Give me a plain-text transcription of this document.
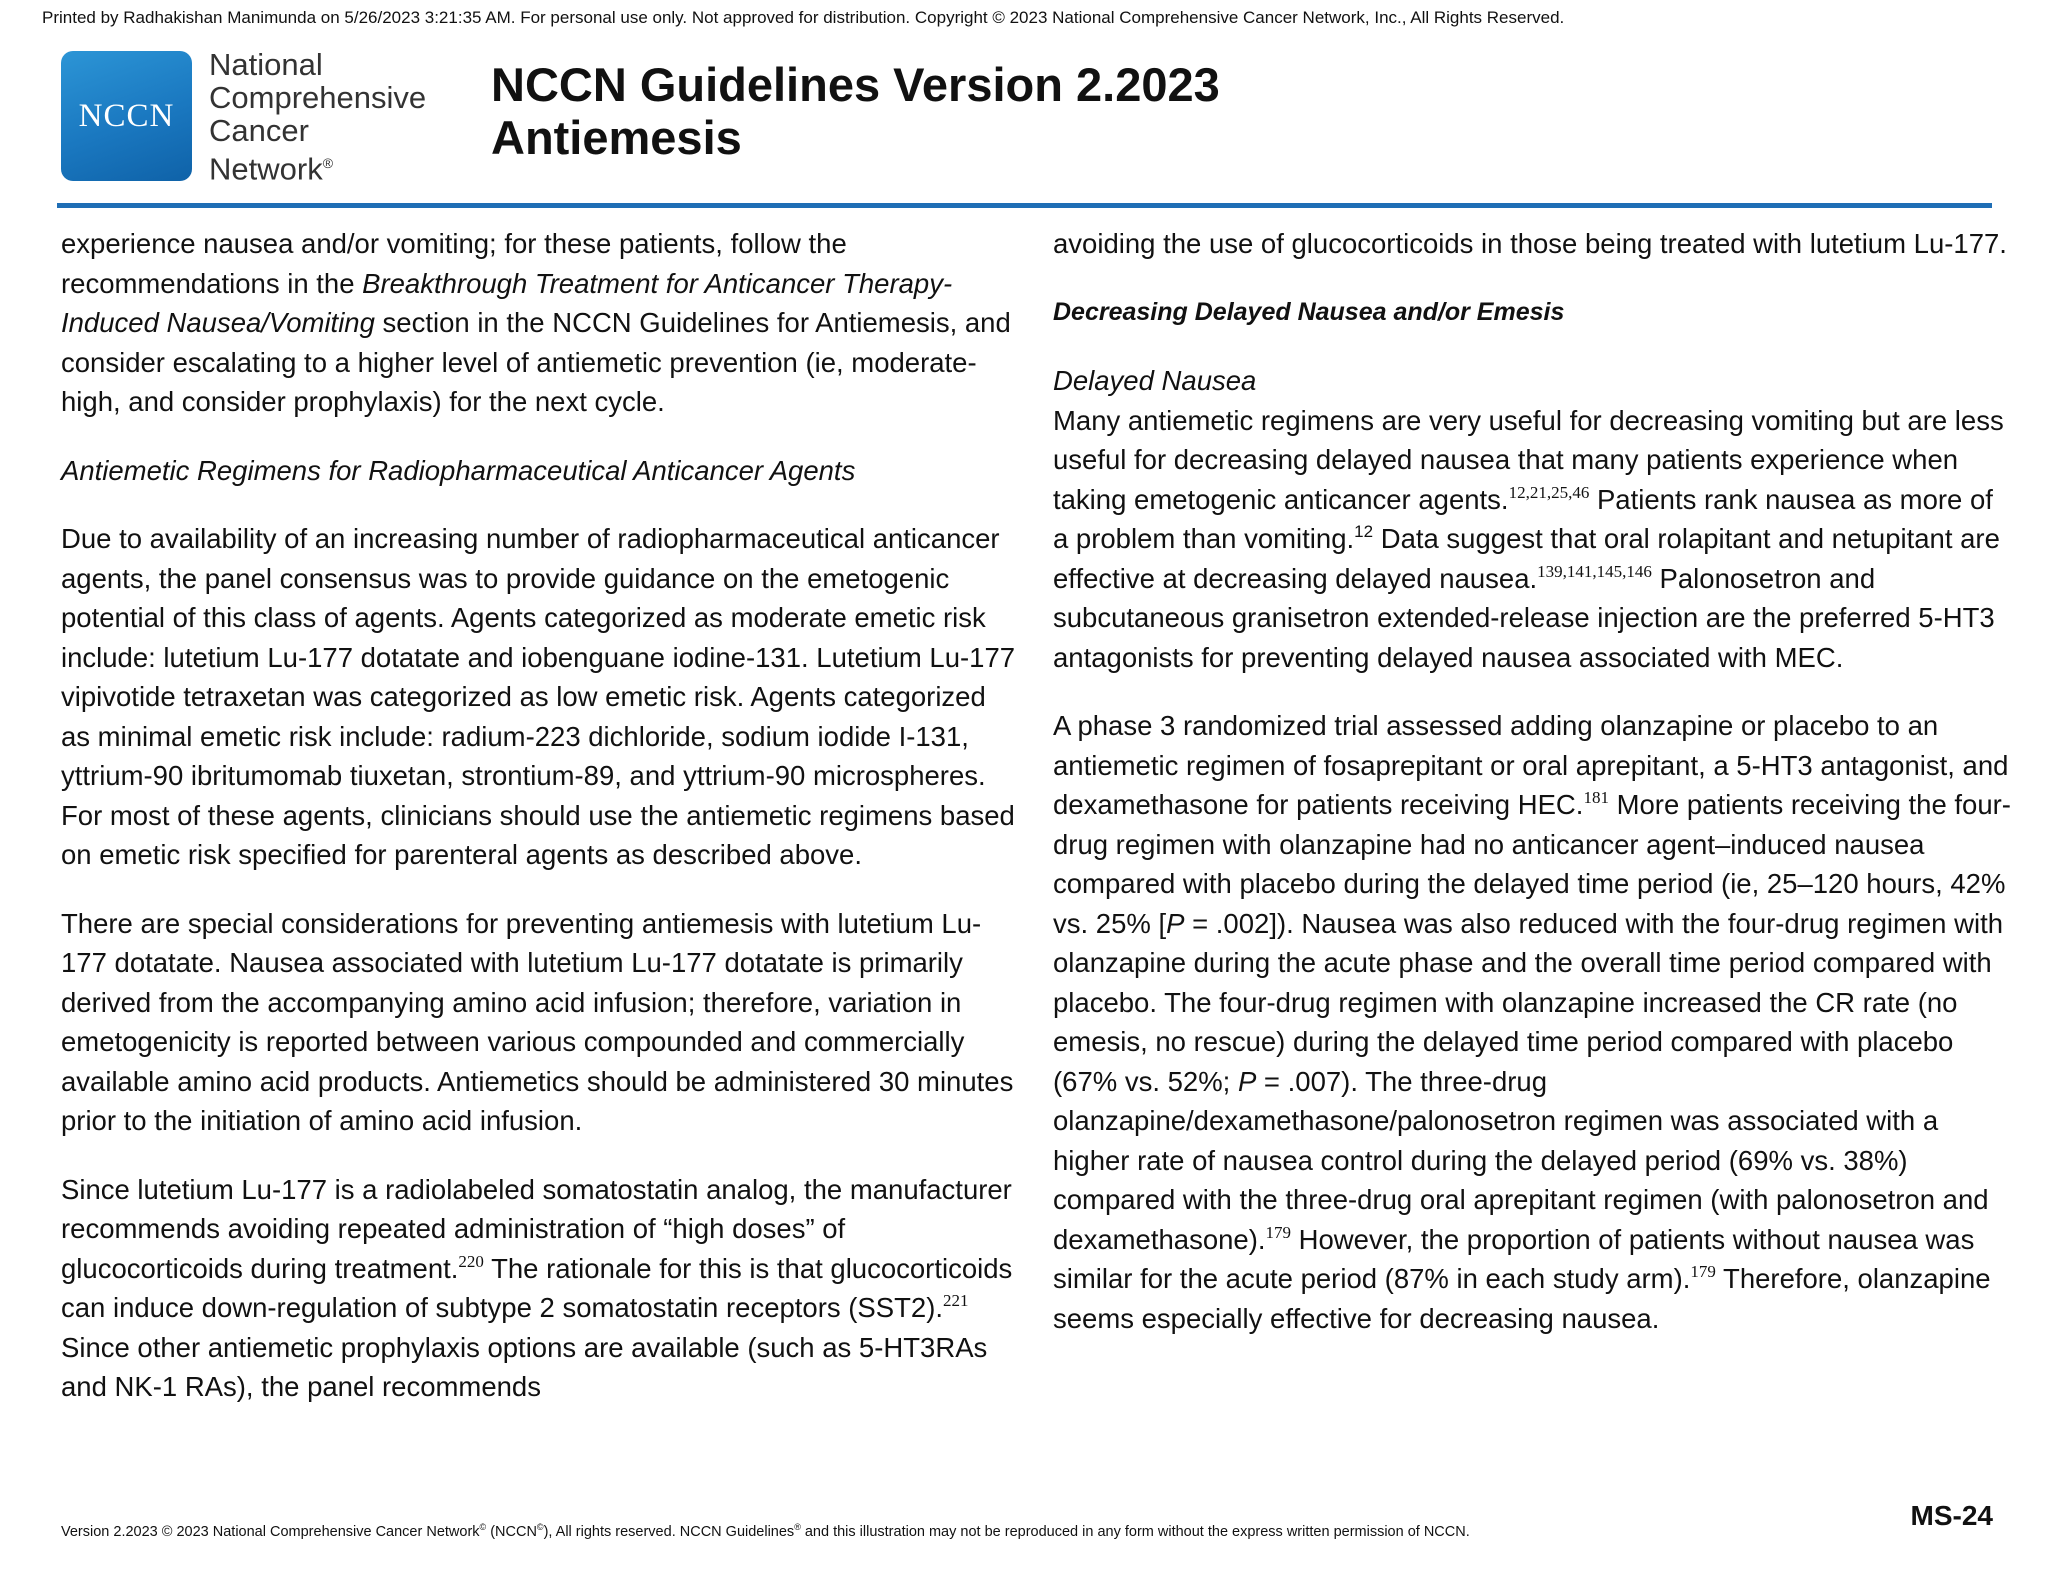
Printed by Radhakishan Manimunda on 5/26/2023 3:21:35 AM. For personal use only. Not approved for distribution. Copyright © 2023 National Comprehensive Cancer Network, Inc., All Rights Reserved.
NCCN
National
Comprehensive
Cancer
Network®
NCCN Guidelines Version 2.2023
Antiemesis

experience nausea and/or vomiting; for these patients, follow the recommendations in the Breakthrough Treatment for Anticancer Therapy-Induced Nausea/Vomiting section in the NCCN Guidelines for Antiemesis, and consider escalating to a higher level of antiemetic prevention (ie, moderate-high, and consider prophylaxis) for the next cycle.

Antiemetic Regimens for Radiopharmaceutical Anticancer Agents

Due to availability of an increasing number of radiopharmaceutical anticancer agents, the panel consensus was to provide guidance on the emetogenic potential of this class of agents. Agents categorized as moderate emetic risk include: lutetium Lu-177 dotatate and iobenguane iodine-131. Lutetium Lu-177 vipivotide tetraxetan was categorized as low emetic risk. Agents categorized as minimal emetic risk include: radium-223 dichloride, sodium iodide I-131, yttrium-90 ibritumomab tiuxetan, strontium-89, and yttrium-90 microspheres. For most of these agents, clinicians should use the antiemetic regimens based on emetic risk specified for parenteral agents as described above.

There are special considerations for preventing antiemesis with lutetium Lu-177 dotatate. Nausea associated with lutetium Lu-177 dotatate is primarily derived from the accompanying amino acid infusion; therefore, variation in emetogenicity is reported between various compounded and commercially available amino acid products. Antiemetics should be administered 30 minutes prior to the initiation of amino acid infusion.

Since lutetium Lu-177 is a radiolabeled somatostatin analog, the manufacturer recommends avoiding repeated administration of “high doses” of glucocorticoids during treatment.$^{220}$ The rationale for this is that glucocorticoids can induce down-regulation of subtype 2 somatostatin receptors (SST2).$^{221}$ Since other antiemetic prophylaxis options are available (such as 5-HT3RAs and NK-1 RAs), the panel recommends

avoiding the use of glucocorticoids in those being treated with lutetium Lu-177.

Decreasing Delayed Nausea and/or Emesis

Delayed Nausea
Many antiemetic regimens are very useful for decreasing vomiting but are less useful for decreasing delayed nausea that many patients experience when taking emetogenic anticancer agents.$^{12,21,25,46}$ Patients rank nausea as more of a problem than vomiting.$^{12}$ Data suggest that oral rolapitant and netupitant are effective at decreasing delayed nausea.$^{139,141,145,146}$ Palonosetron and subcutaneous granisetron extended-release injection are the preferred 5-HT3 antagonists for preventing delayed nausea associated with MEC.

A phase 3 randomized trial assessed adding olanzapine or placebo to an antiemetic regimen of fosaprepitant or oral aprepitant, a 5-HT3 antagonist, and dexamethasone for patients receiving HEC.$^{181}$ More patients receiving the four-drug regimen with olanzapine had no anticancer agent–induced nausea compared with placebo during the delayed time period (ie, 25–120 hours, 42% vs. 25% [P = .002]). Nausea was also reduced with the four-drug regimen with olanzapine during the acute phase and the overall time period compared with placebo. The four-drug regimen with olanzapine increased the CR rate (no emesis, no rescue) during the delayed time period compared with placebo (67% vs. 52%; P = .007). The three-drug olanzapine/dexamethasone/palonosetron regimen was associated with a higher rate of nausea control during the delayed period (69% vs. 38%) compared with the three-drug oral aprepitant regimen (with palonosetron and dexamethasone).$^{179}$ However, the proportion of patients without nausea was similar for the acute period (87% in each study arm).$^{179}$ Therefore, olanzapine seems especially effective for decreasing nausea.

Version 2.2023 © 2023 National Comprehensive Cancer Network© (NCCN©), All rights reserved. NCCN Guidelines® and this illustration may not be reproduced in any form without the express written permission of NCCN.
MS-24
